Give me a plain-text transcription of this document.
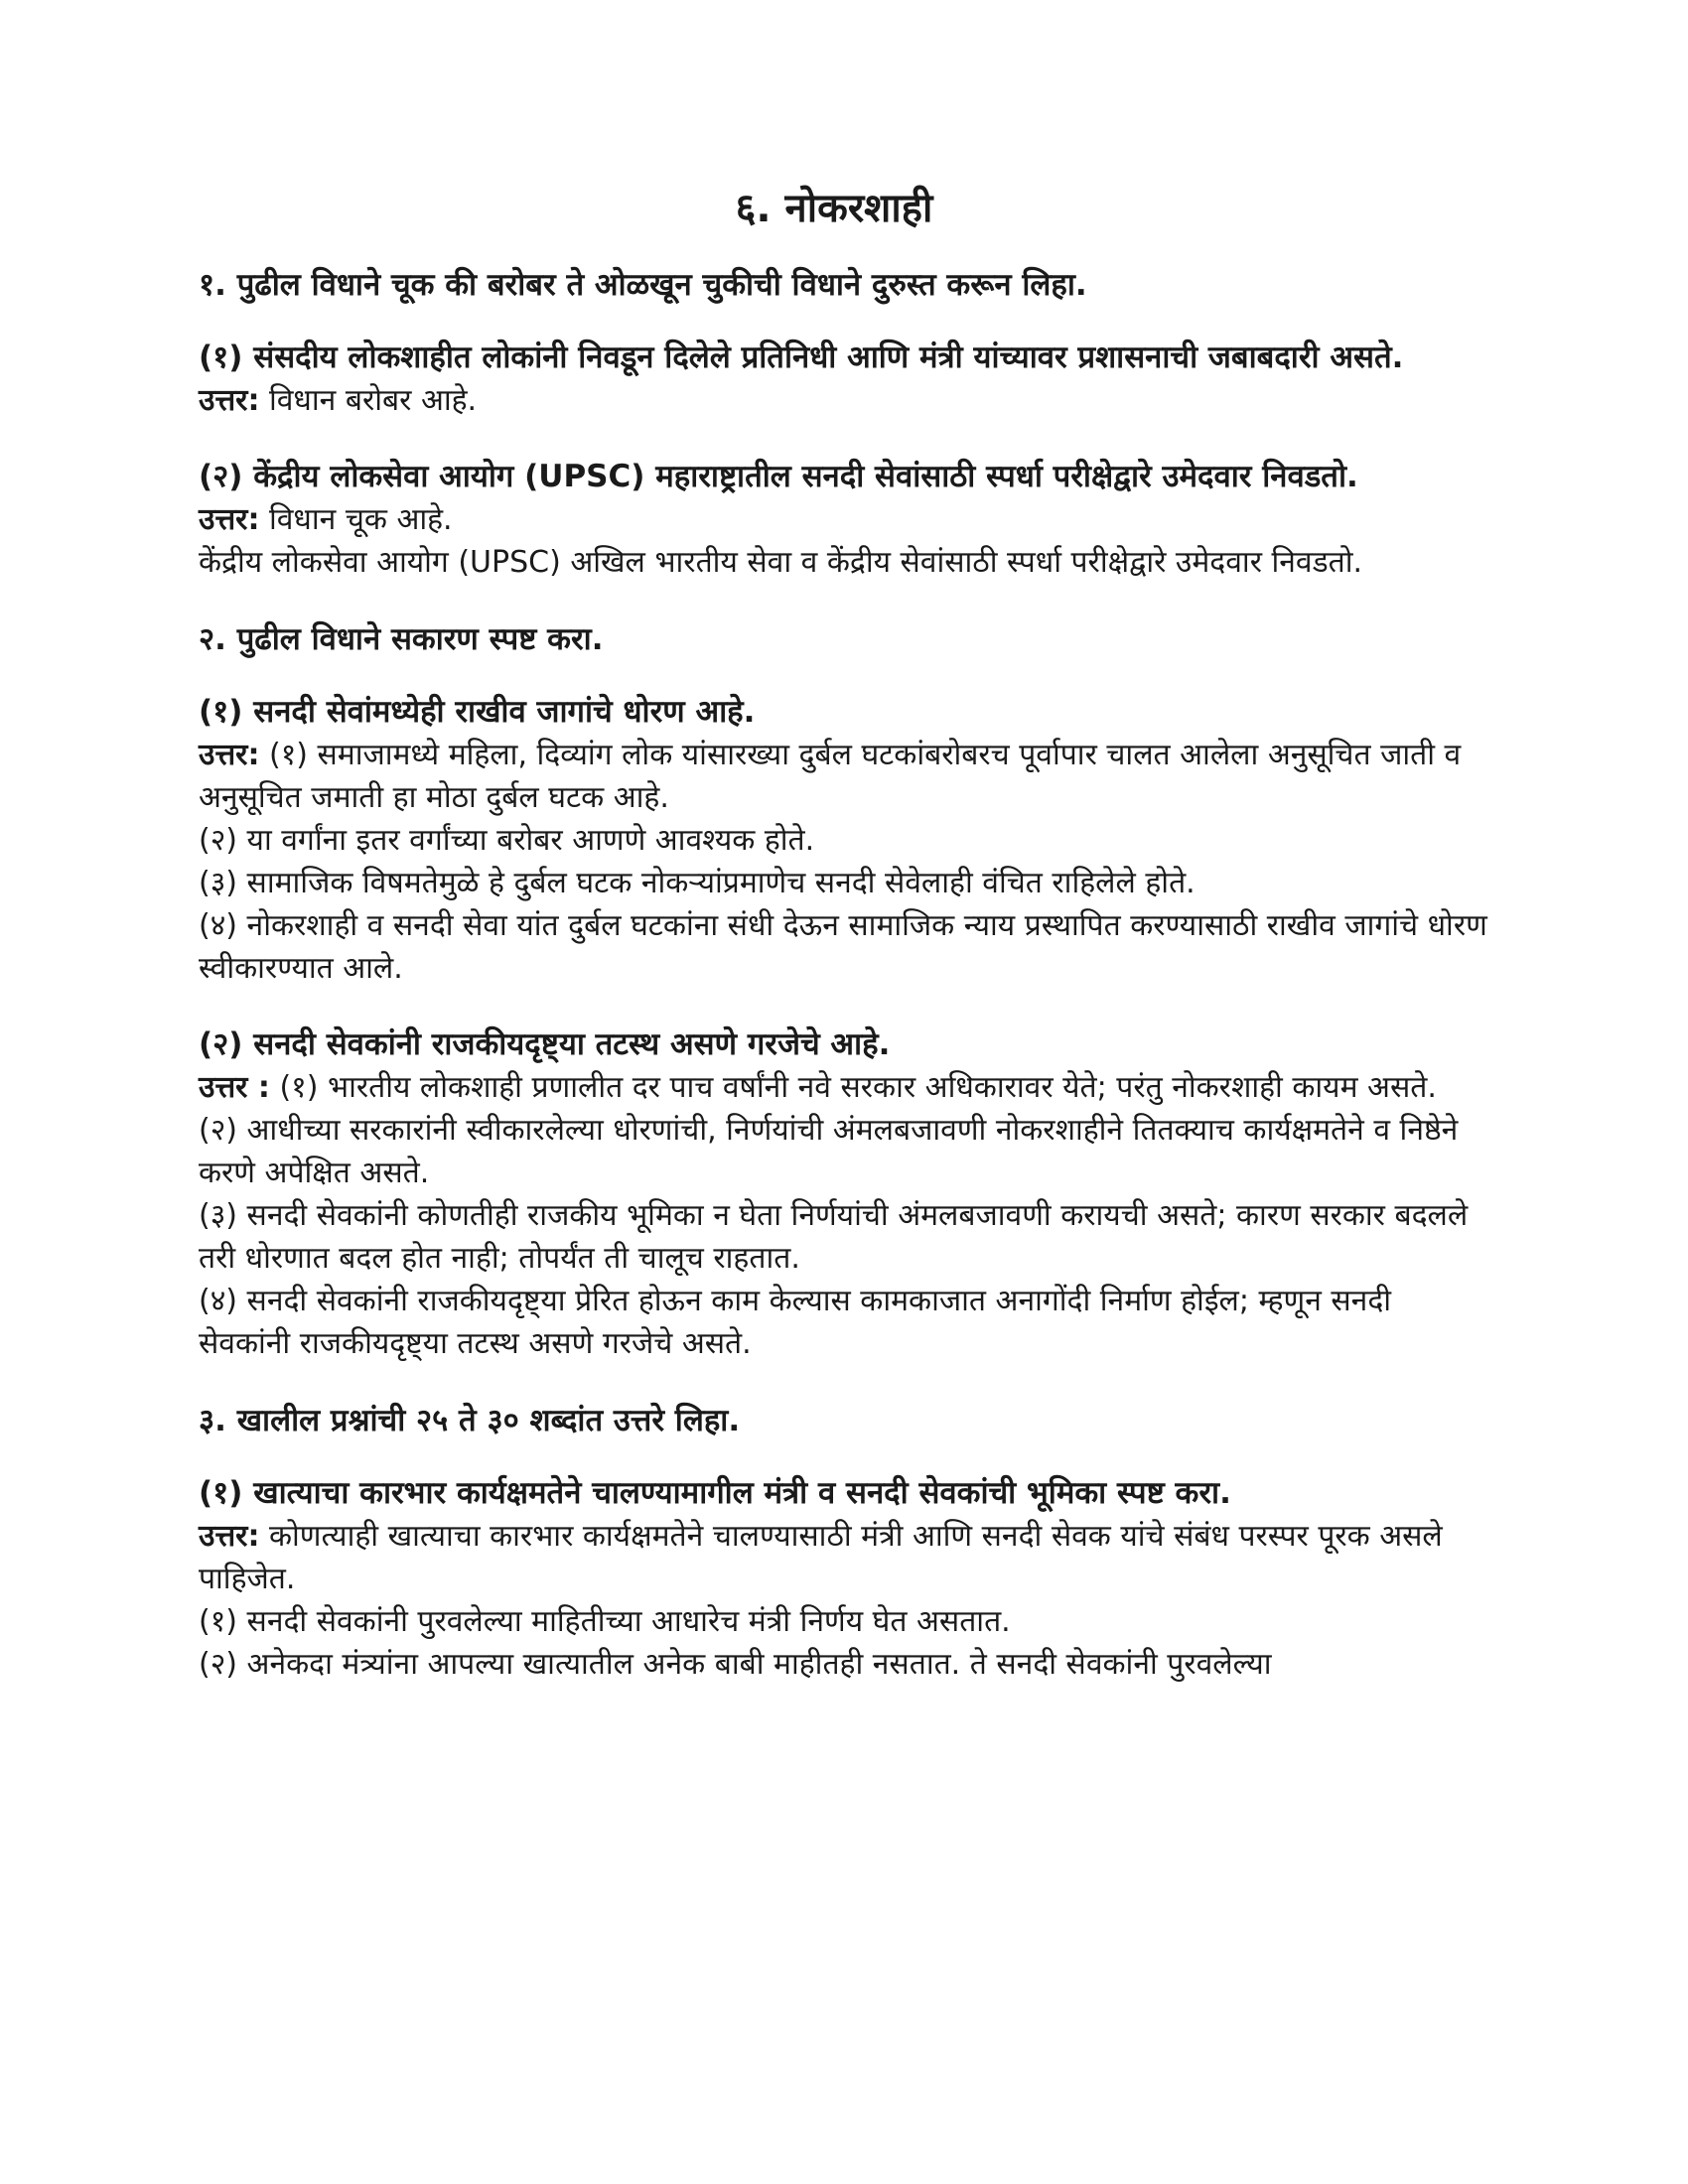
६. नोकरशाही

१. पुढील विधाने चूक की बरोबर ते ओळखून चुकीची विधाने दुरुस्त करून लिहा.

(१) संसदीय लोकशाहीत लोकांनी निवडून दिलेले प्रतिनिधी आणि मंत्री यांच्यावर प्रशासनाची जबाबदारी असते.

उत्तर: विधान बरोबर आहे.

(२) केंद्रीय लोकसेवा आयोग (UPSC) महाराष्ट्रातील सनदी सेवांसाठी स्पर्धा परीक्षेद्वारे उमेदवार निवडतो.

उत्तर: विधान चूक आहे.

केंद्रीय लोकसेवा आयोग (UPSC) अखिल भारतीय सेवा व केंद्रीय सेवांसाठी स्पर्धा परीक्षेद्वारे उमेदवार निवडतो.

२. पुढील विधाने सकारण स्पष्ट करा.

(१) सनदी सेवांमध्येही राखीव जागांचे धोरण आहे.

उत्तर: (१) समाजामध्ये महिला, दिव्यांग लोक यांसारख्या दुर्बल घटकांबरोबरच पूर्वापार चालत आलेला अनुसूचित जाती व अनुसूचित जमाती हा मोठा दुर्बल घटक आहे.

(२) या वर्गांना इतर वर्गांच्या बरोबर आणणे आवश्यक होते.

(३) सामाजिक विषमतेमुळे हे दुर्बल घटक नोकऱ्यांप्रमाणेच सनदी सेवेलाही वंचित राहिलेले होते.

(४) नोकरशाही व सनदी सेवा यांत दुर्बल घटकांना संधी देऊन सामाजिक न्याय प्रस्थापित करण्यासाठी राखीव जागांचे धोरण स्वीकारण्यात आले.

(२) सनदी सेवकांनी राजकीयदृष्ट्या तटस्थ असणे गरजेचे आहे.

उत्तर : (१) भारतीय लोकशाही प्रणालीत दर पाच वर्षांनी नवे सरकार अधिकारावर येते; परंतु नोकरशाही कायम असते.

(२) आधीच्या सरकारांनी स्वीकारलेल्या धोरणांची, निर्णयांची अंमलबजावणी नोकरशाहीने तितक्याच कार्यक्षमतेने व निष्ठेने करणे अपेक्षित असते.

(३) सनदी सेवकांनी कोणतीही राजकीय भूमिका न घेता निर्णयांची अंमलबजावणी करायची असते; कारण सरकार बदलले तरी धोरणात बदल होत नाही; तोपर्यंत ती चालूच राहतात.

(४) सनदी सेवकांनी राजकीयदृष्ट्या प्रेरित होऊन काम केल्यास कामकाजात अनागोंदी निर्माण होईल; म्हणून सनदी सेवकांनी राजकीयदृष्ट्या तटस्थ असणे गरजेचे असते.

३. खालील प्रश्नांची २५ ते ३० शब्दांत उत्तरे लिहा.

(१) खात्याचा कारभार कार्यक्षमतेने चालण्यामागील मंत्री व सनदी सेवकांची भूमिका स्पष्ट करा.

उत्तर: कोणत्याही खात्याचा कारभार कार्यक्षमतेने चालण्यासाठी मंत्री आणि सनदी सेवक यांचे संबंध परस्पर पूरक असले पाहिजेत.

(१) सनदी सेवकांनी पुरवलेल्या माहितीच्या आधारेच मंत्री निर्णय घेत असतात.

(२) अनेकदा मंत्र्यांना आपल्या खात्यातील अनेक बाबी माहीतही नसतात. ते सनदी सेवकांनी पुरवलेल्या
